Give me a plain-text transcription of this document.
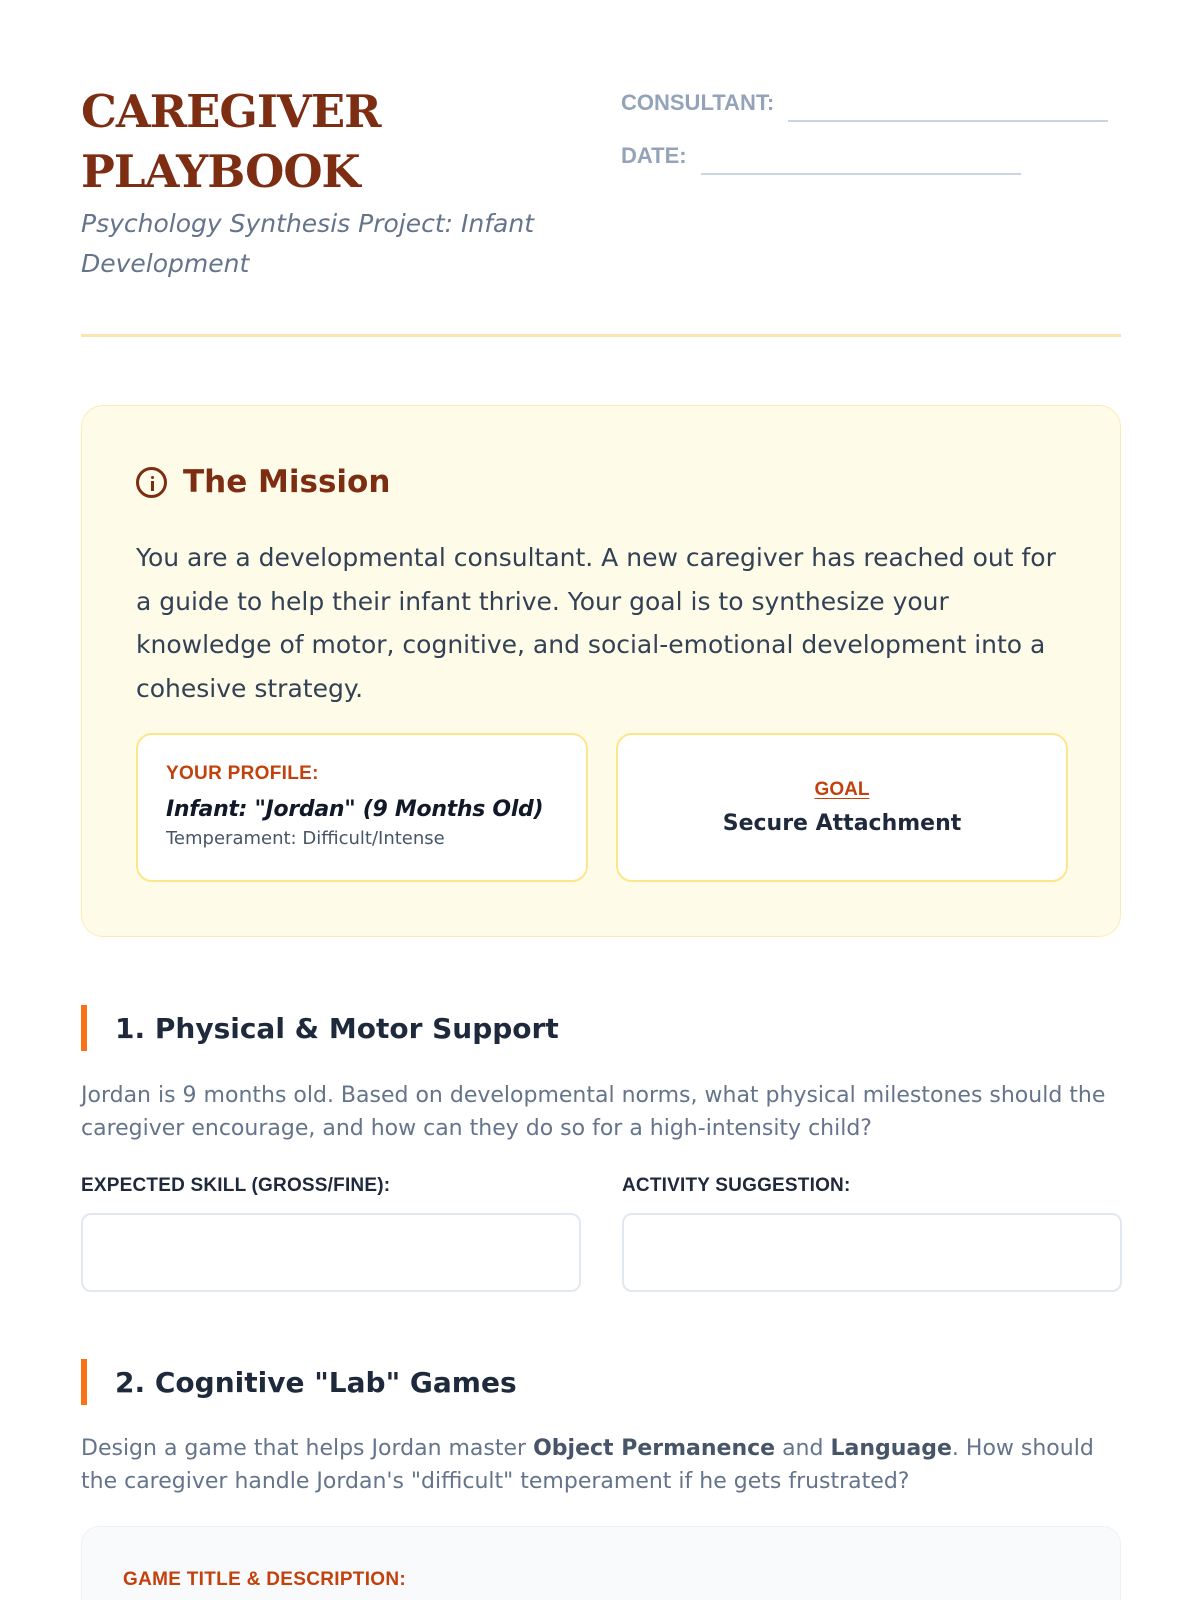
CAREGIVER PLAYBOOK
Psychology Synthesis Project: Infant Development
CONSULTANT:
DATE:
The Mission
You are a developmental consultant. A new caregiver has reached out for a guide to help their infant thrive. Your goal is to synthesize your knowledge of motor, cognitive, and social-emotional development into a cohesive strategy.
YOUR PROFILE:
Infant: "Jordan" (9 Months Old)
Temperament: Difficult/Intense
GOAL
Secure Attachment
1. Physical & Motor Support
Jordan is 9 months old. Based on developmental norms, what physical milestones should the caregiver encourage, and how can they do so for a high-intensity child?
EXPECTED SKILL (GROSS/FINE):	ACTIVITY SUGGESTION:
2. Cognitive "Lab" Games
Design a game that helps Jordan master Object Permanence and Language. How should the caregiver handle Jordan's "difficult" temperament if he gets frustrated?
GAME TITLE & DESCRIPTION:
